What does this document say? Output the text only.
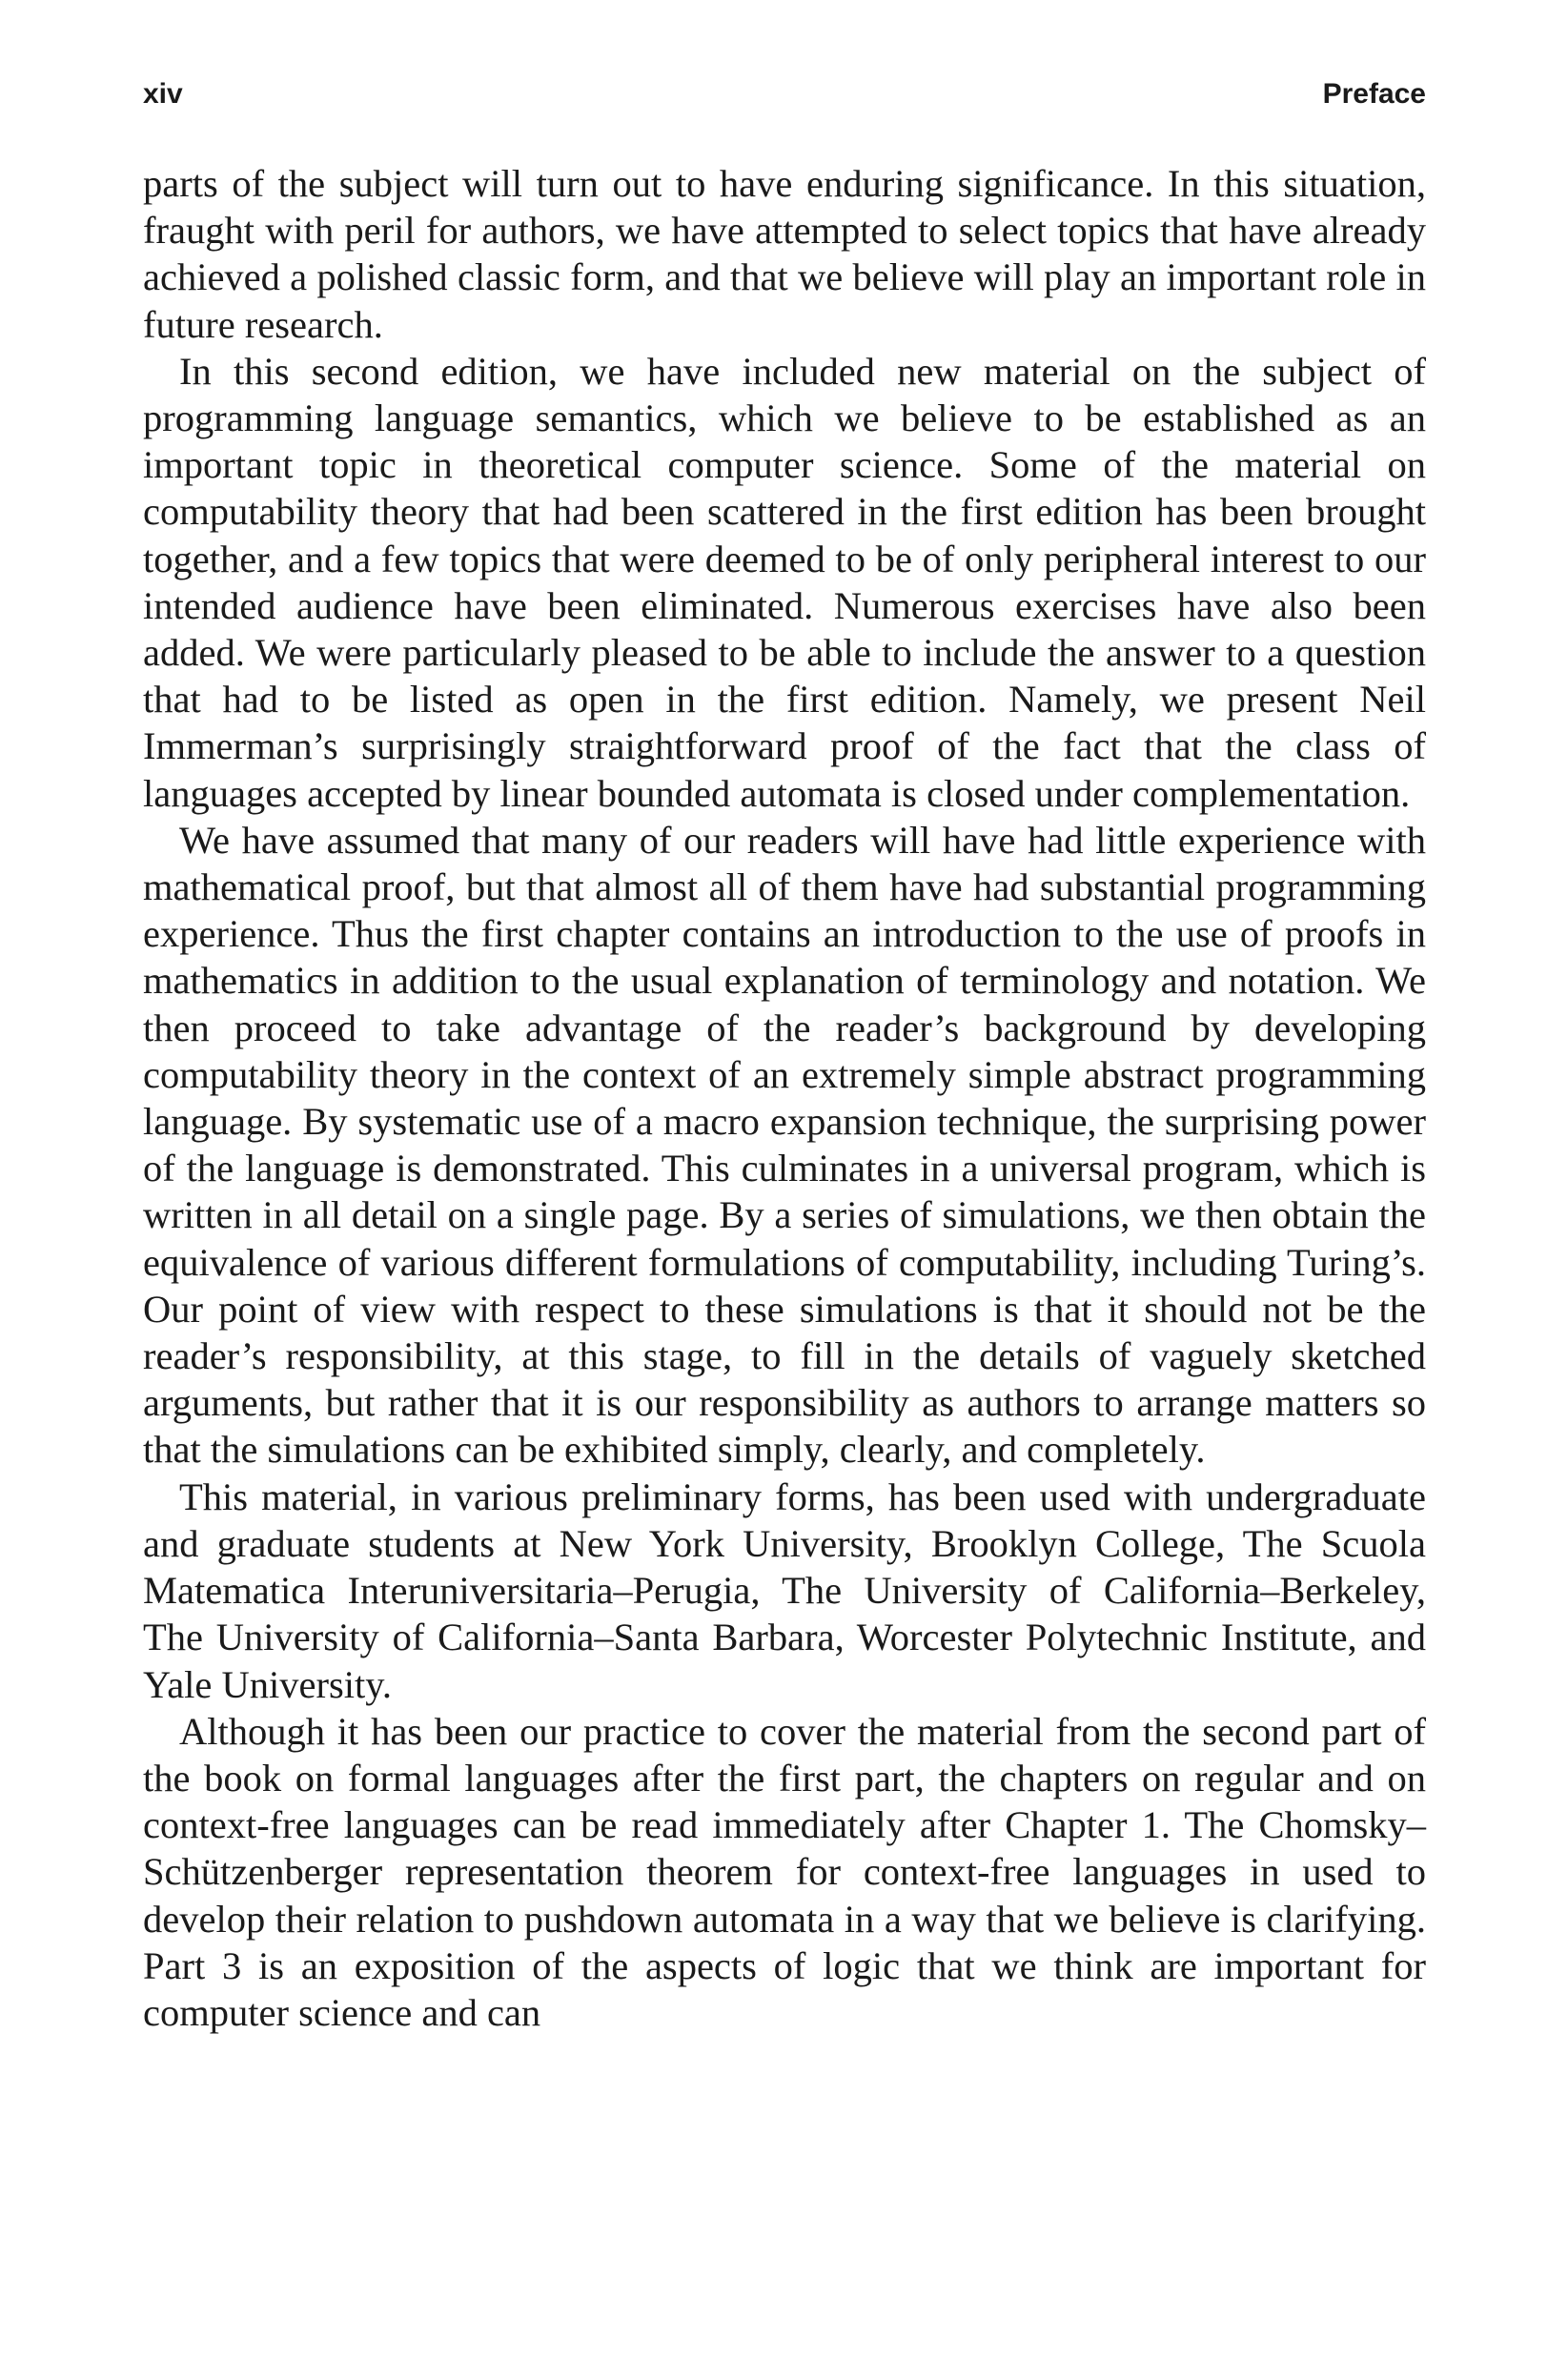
xiv	Preface

parts of the subject will turn out to have enduring significance. In this situation, fraught with peril for authors, we have attempted to select topics that have already achieved a polished classic form, and that we believe will play an important role in future research.

In this second edition, we have included new material on the subject of programming language semantics, which we believe to be established as an important topic in theoretical computer science. Some of the material on computability theory that had been scattered in the first edition has been brought together, and a few topics that were deemed to be of only peripheral interest to our intended audience have been eliminated. Numerous exercises have also been added. We were particularly pleased to be able to include the answer to a question that had to be listed as open in the first edition. Namely, we present Neil Immerman’s surprisingly straightforward proof of the fact that the class of languages accepted by linear bounded automata is closed under complementation.

We have assumed that many of our readers will have had little experience with mathematical proof, but that almost all of them have had substantial programming experience. Thus the first chapter contains an introduction to the use of proofs in mathematics in addition to the usual explanation of terminology and notation. We then proceed to take advantage of the reader’s background by developing computability theory in the context of an extremely simple abstract programming language. By systematic use of a macro expansion technique, the surprising power of the language is demonstrated. This culminates in a universal program, which is written in all detail on a single page. By a series of simulations, we then obtain the equivalence of various different formulations of computability, including Turing’s. Our point of view with respect to these simulations is that it should not be the reader’s responsibility, at this stage, to fill in the details of vaguely sketched arguments, but rather that it is our responsibility as authors to arrange matters so that the simulations can be exhibited simply, clearly, and completely.

This material, in various preliminary forms, has been used with undergraduate and graduate students at New York University, Brooklyn College, The Scuola Matematica Interuniversitaria–Perugia, The University of California–Berkeley, The University of California–Santa Barbara, Worcester Polytechnic Institute, and Yale University.

Although it has been our practice to cover the material from the second part of the book on formal languages after the first part, the chapters on regular and on context-free languages can be read immediately after Chapter 1. The Chomsky–Schützenberger representation theorem for context-free languages in used to develop their relation to pushdown automata in a way that we believe is clarifying. Part 3 is an exposition of the aspects of logic that we think are important for computer science and can
